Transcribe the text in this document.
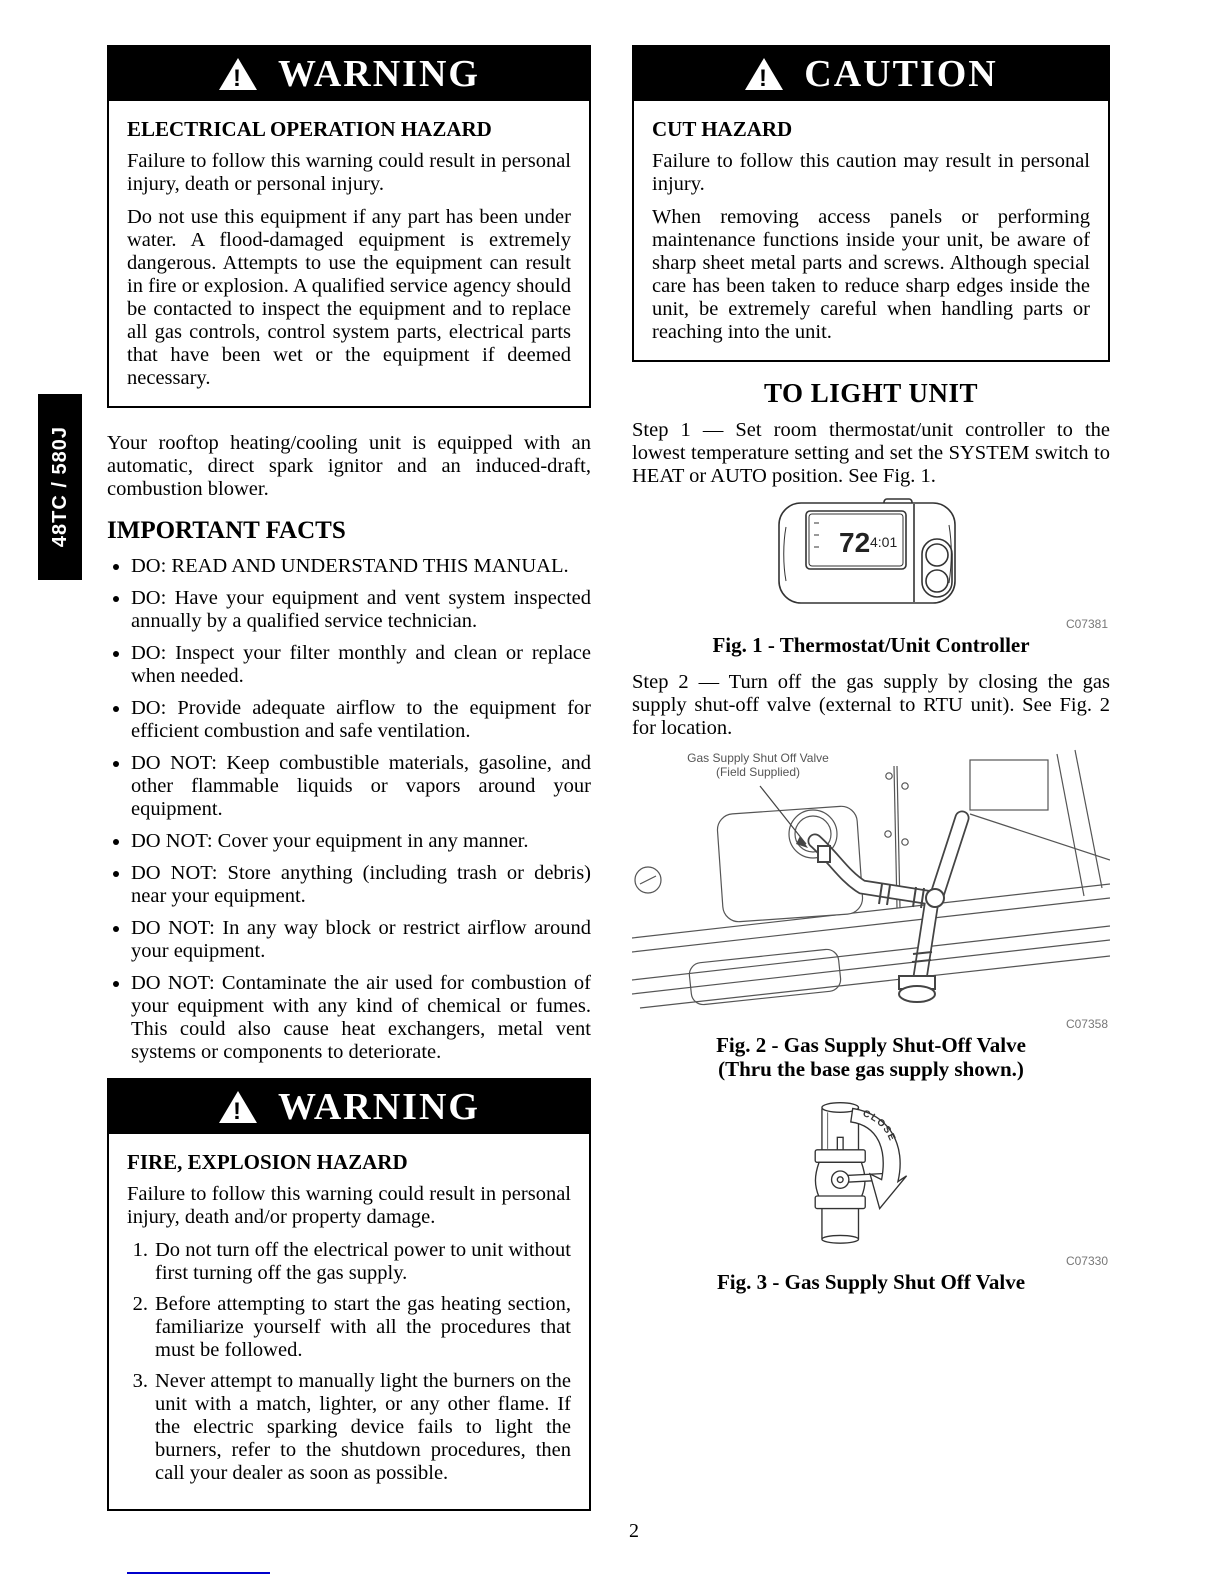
48TC / 580J
! WARNING
ELECTRICAL OPERATION HAZARD

Failure to follow this warning could result in personal injury, death or personal injury.

Do not use this equipment if any part has been under water. A flood-damaged equipment is extremely dangerous. Attempts to use the equipment can result in fire or explosion. A qualified service agency should be contacted to inspect the equipment and to replace all gas controls, control system parts, electrical parts that have been wet or the equipment if deemed necessary.

Your rooftop heating/cooling unit is equipped with an automatic, direct spark ignitor and an induced-draft, combustion blower.

IMPORTANT FACTS
• DO: READ AND UNDERSTAND THIS MANUAL.
• DO: Have your equipment and vent system inspected annually by a qualified service technician.
• DO: Inspect your filter monthly and clean or replace when needed.
• DO: Provide adequate airflow to the equipment for efficient combustion and safe ventilation.
• DO NOT: Keep combustible materials, gasoline, and other flammable liquids or vapors around your equipment.
• DO NOT: Cover your equipment in any manner.
• DO NOT: Store anything (including trash or debris) near your equipment.
• DO NOT: In any way block or restrict airflow around your equipment.
• DO NOT: Contaminate the air used for combustion of your equipment with any kind of chemical or fumes. This could also cause heat exchangers, metal vent systems or components to deteriorate.
! WARNING
FIRE, EXPLOSION HAZARD

Failure to follow this warning could result in personal injury, death and/or property damage.

1. Do not turn off the electrical power to unit without first turning off the gas supply.
2. Before attempting to start the gas heating section, familiarize yourself with all the procedures that must be followed.
3. Never attempt to manually light the burners on the unit with a match, lighter, or any other flame. If the electric sparking device fails to light the burners, refer to the shutdown procedures, then call your dealer as soon as possible.
! CAUTION
CUT HAZARD

Failure to follow this caution may result in personal injury.

When removing access panels or performing maintenance functions inside your unit, be aware of sharp sheet metal parts and screws. Although special care has been taken to reduce sharp edges inside the unit, be extremely careful when handling parts or reaching into the unit.

TO LIGHT UNIT

Step 1 — Set room thermostat/unit controller to the lowest temperature setting and set the SYSTEM switch to HEAT or AUTO position. See Fig. 1.

72 4:01
C07381
Fig. 1 - Thermostat/Unit Controller

Step 2 — Turn off the gas supply by closing the gas supply shut-off valve (external to RTU unit). See Fig. 2 for location.

Gas Supply Shut Off Valve
(Field Supplied)
C07358
Fig. 2 - Gas Supply Shut-Off Valve
(Thru the base gas supply shown.)
CLOSE
C07330
Fig. 3 - Gas Supply Shut Off Valve
2
